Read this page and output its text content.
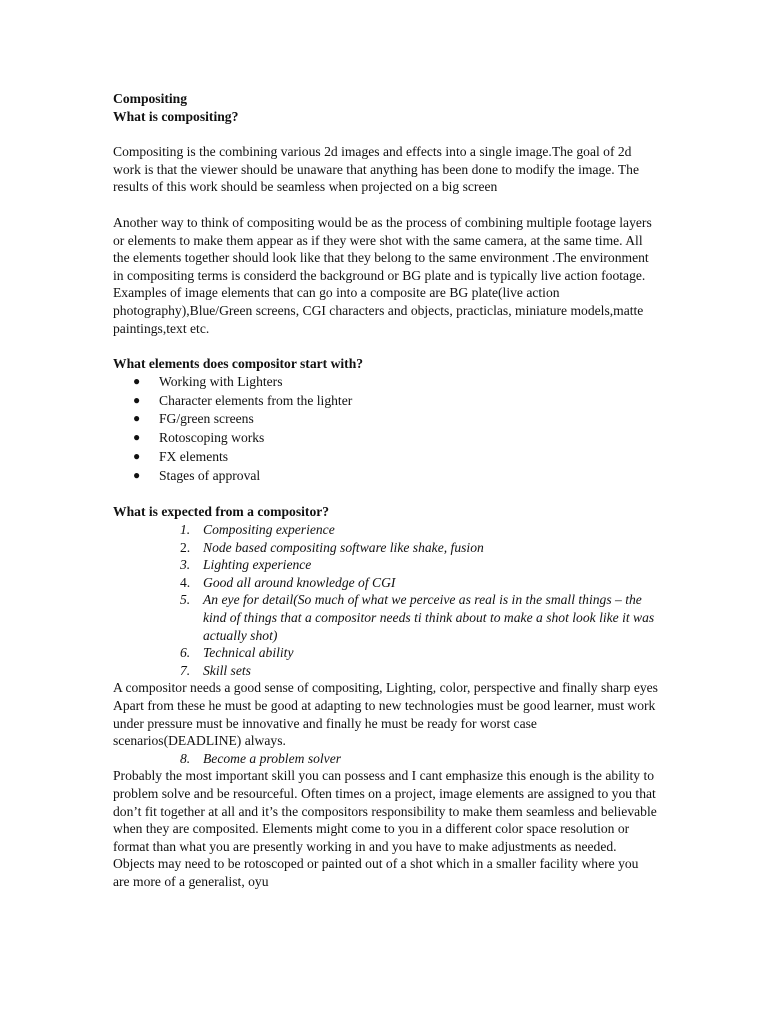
Compositing

What is compositing?

Compositing is the combining various 2d images and effects into a single image.The goal of 2d work is that the viewer should be unaware that anything has been done to modify the image. The results of this work should be seamless when projected on a big screen

Another way to think of compositing would be as the process of combining multiple footage layers or elements to make them appear as if they were shot with the same camera, at the same time. All the elements together should look like that they belong to the same environment .The environment in compositing terms is considerd the background or BG plate and is typically live action footage. Examples of image elements that can go into a composite are BG plate(live action photography),Blue/Green screens, CGI characters and objects, practiclas, miniature models,matte paintings,text etc.

What elements does compositor start with?

● Working with Lighters
● Character elements from the lighter
● FG/green screens
● Rotoscoping works
● FX elements
● Stages of approval

What is expected from a compositor?

1. Compositing experience
2. Node based compositing software like shake, fusion
3. Lighting experience
4. Good all around knowledge of CGI
5. An eye for detail(So much of what we perceive as real is in the small things – the kind of things that a compositor needs ti think about to make a shot look like it was actually shot)
6. Technical ability
7. Skill sets

A compositor needs a good sense of compositing, Lighting, color, perspective and finally sharp eyes

Apart from these he must be good at adapting to new technologies must be good learner, must work under pressure must be innovative and finally he must be ready for worst case scenarios(DEADLINE) always.

8. Become a problem solver

Probably the most important skill you can possess and I cant emphasize this enough is the ability to problem solve and be resourceful. Often times on a project, image elements are assigned to you that don’t fit together at all and it’s the compositors responsibility to make them seamless and believable when they are composited. Elements might come to you in a different color space resolution or format than what you are presently working in and you have to make adjustments as needed. Objects may need to be rotoscoped or painted out of a shot which in a smaller facility where you are more of a generalist, oyu
